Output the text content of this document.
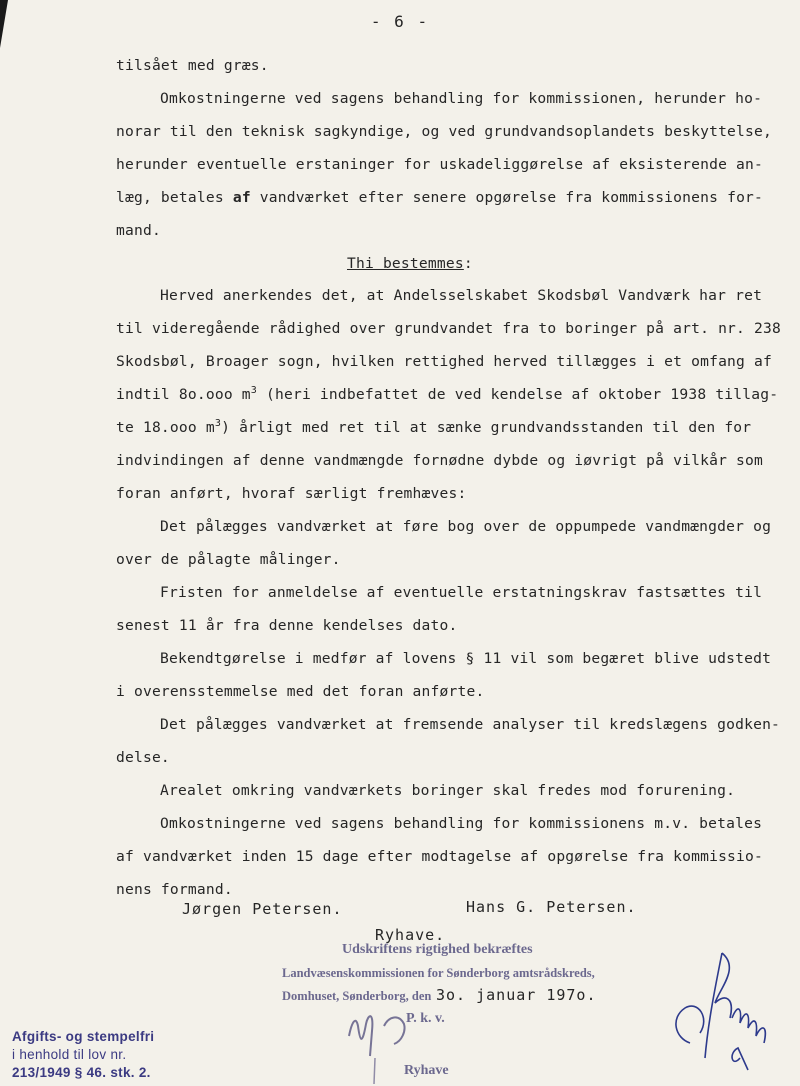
- 6 -
tilsået med græs.
Omkostningerne ved sagens behandling for kommissionen, herunder ho-
norar til den teknisk sagkyndige, og ved grundvandsoplandets beskyttelse,
herunder eventuelle erstaninger for uskadeliggørelse af eksisterende an-
læg, betales af vandværket efter senere opgørelse fra kommissionens for-
mand.
Thi bestemmes:
Herved anerkendes det, at Andelsselskabet Skodsbøl Vandværk har ret
til videregående rådighed over grundvandet fra to boringer på art. nr. 238
Skodsbøl, Broager sogn, hvilken rettighed herved tillægges i et omfang af
indtil 8o.ooo $m^3$ (heri indbefattet de ved kendelse af oktober 1938 tillag-
te 18.ooo $m^3$) årligt med ret til at sænke grundvandsstanden til den for
indvindingen af denne vandmængde fornødne dybde og iøvrigt på vilkår som
foran anført, hvoraf særligt fremhæves:
Det pålægges vandværket at føre bog over de oppumpede vandmængder og
over de pålagte målinger.
Fristen for anmeldelse af eventuelle erstatningskrav fastsættes til
senest 11 år fra denne kendelses dato.
Bekendtgørelse i medfør af lovens § 11 vil som begæret blive udstedt
i overensstemmelse med det foran anførte.
Det pålægges vandværket at fremsende analyser til kredslægens godken-
delse.
Arealet omkring vandværkets boringer skal fredes mod forurening.
Omkostningerne ved sagens behandling for kommissionens m.v. betales
af vandværket inden 15 dage efter modtagelse af opgørelse fra kommissio-
nens formand.
Jørgen Petersen.	Hans G. Petersen.
Ryhave.
Udskriftens rigtighed bekræftes
Landvæsenskommissionen for Sønderborg amtsrådskreds,
Domhuset, Sønderborg, den 3o. januar 197o.
P. k. v.
Ryhave
Afgifts- og stempelfri
i henhold til lov nr.
213/1949 § 46. stk. 2.
